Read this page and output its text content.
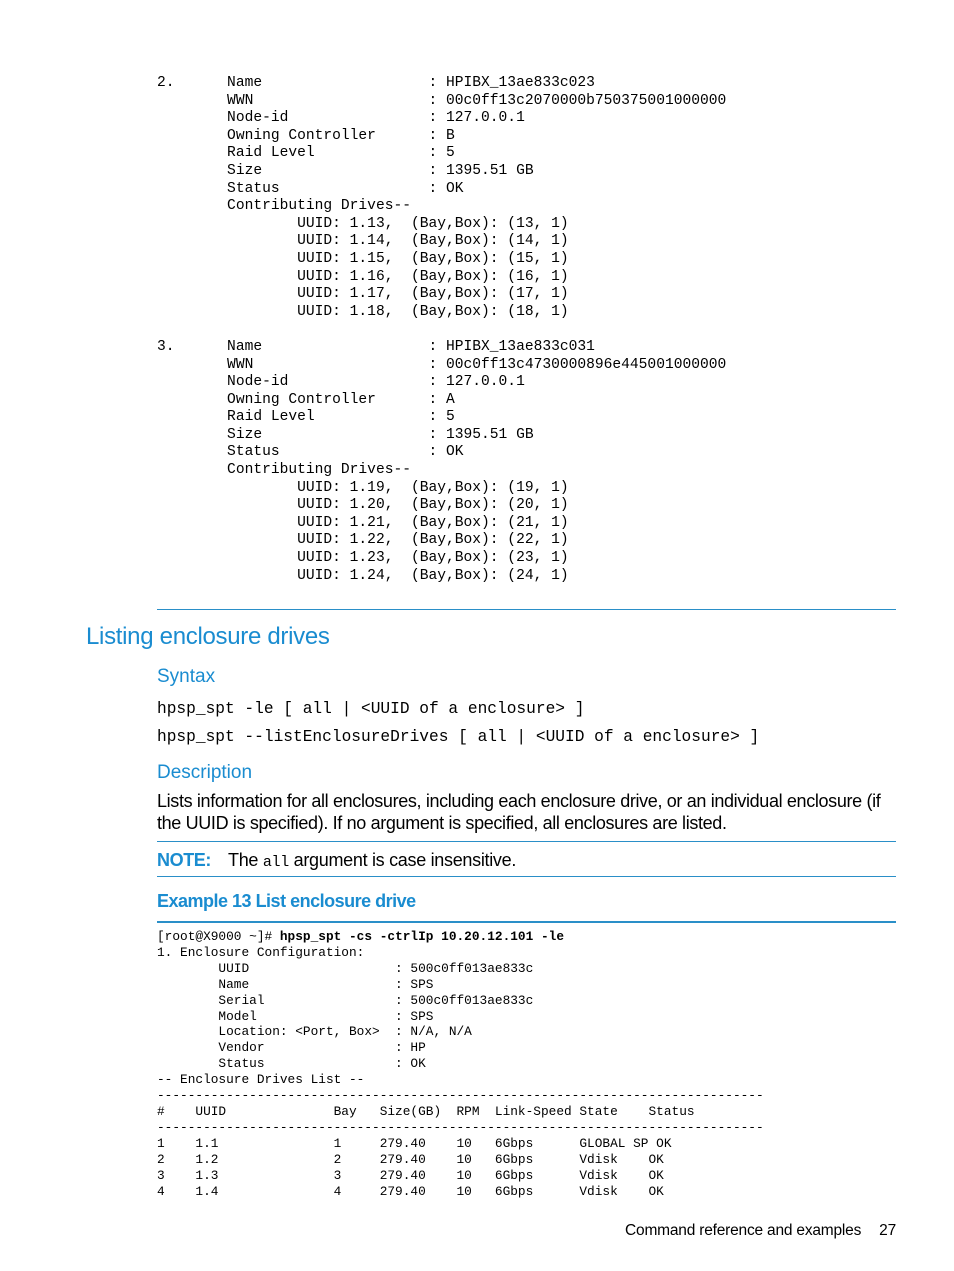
2.      Name                   : HPIBX_13ae833c023
WWN                    : 00c0ff13c2070000b750375001000000
Node-id                : 127.0.0.1
Owning Controller      : B
Raid Level             : 5
Size                   : 1395.51 GB
Status                 : OK
Contributing Drives--
UUID: 1.13,  (Bay,Box): (13, 1)
UUID: 1.14,  (Bay,Box): (14, 1)
UUID: 1.15,  (Bay,Box): (15, 1)
UUID: 1.16,  (Bay,Box): (16, 1)
UUID: 1.17,  (Bay,Box): (17, 1)
UUID: 1.18,  (Bay,Box): (18, 1)

3.      Name                   : HPIBX_13ae833c031
WWN                    : 00c0ff13c4730000896e445001000000
Node-id                : 127.0.0.1
Owning Controller      : A
Raid Level             : 5
Size                   : 1395.51 GB
Status                 : OK
Contributing Drives--
UUID: 1.19,  (Bay,Box): (19, 1)
UUID: 1.20,  (Bay,Box): (20, 1)
UUID: 1.21,  (Bay,Box): (21, 1)
UUID: 1.22,  (Bay,Box): (22, 1)
UUID: 1.23,  (Bay,Box): (23, 1)
UUID: 1.24,  (Bay,Box): (24, 1)
Listing enclosure drives
Syntax
hpsp_spt -le [ all | <UUID of a enclosure> ]
hpsp_spt --listEnclosureDrives [ all | <UUID of a enclosure> ]
Description

Lists information for all enclosures, including each enclosure drive, or an individual enclosure (if the UUID is specified). If no argument is specified, all enclosures are listed.

NOTE: The all argument is case insensitive.
Example 13 List enclosure drive
[root@X9000 ~]# hpsp_spt -cs -ctrlIp 10.20.12.101 -le
1. Enclosure Configuration:
UUID                   : 500c0ff013ae833c
Name                   : SPS
Serial                 : 500c0ff013ae833c
Model                  : SPS
Location: <Port, Box>  : N/A, N/A
Vendor                 : HP
Status                 : OK
-- Enclosure Drives List --
-------------------------------------------------------------------------------
#    UUID              Bay   Size(GB)  RPM  Link-Speed State    Status
-------------------------------------------------------------------------------
1    1.1               1     279.40    10   6Gbps      GLOBAL SP OK
2    1.2               2     279.40    10   6Gbps      Vdisk    OK
3    1.3               3     279.40    10   6Gbps      Vdisk    OK
4    1.4               4     279.40    10   6Gbps      Vdisk    OK
Command reference and examples 27
